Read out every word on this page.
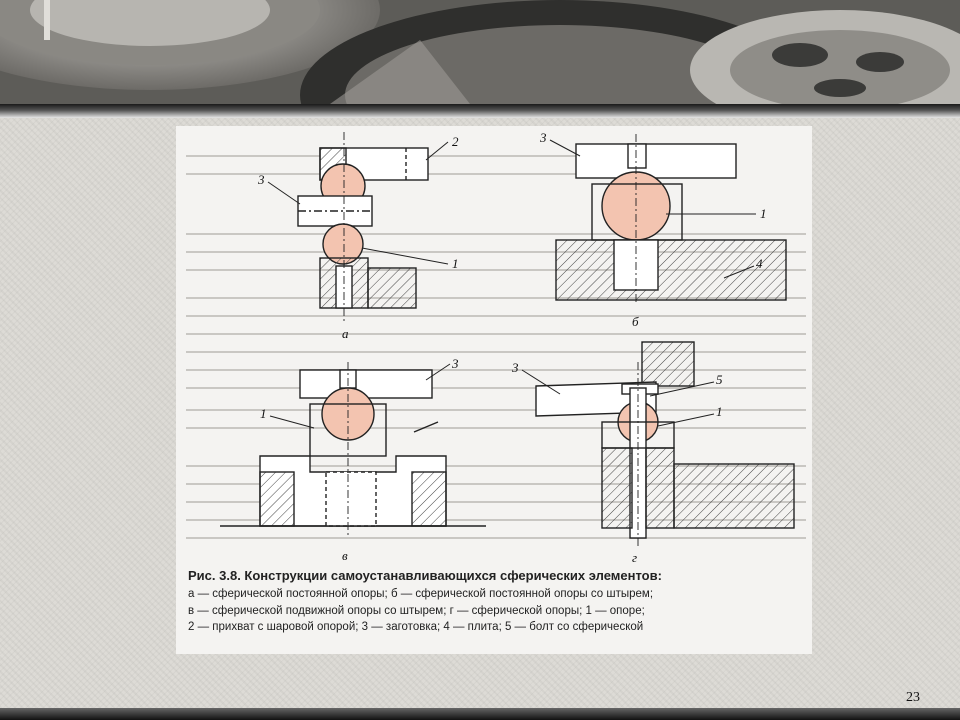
2
3
1
а
3
1
4
б
3
1
в
3
5
1
г
Рис. 3.8. Конструкции самоустанавливающихся сферических элементов:
а — сферической постоянной опоры; б — сферической постоянной опоры со штырем;
в — сферической подвижной опоры со штырем; г — сферической опоры; 1 — опоре;
2 — прихват с шаровой опорой; 3 — заготовка; 4 — плита; 5 — болт со сферической
23
